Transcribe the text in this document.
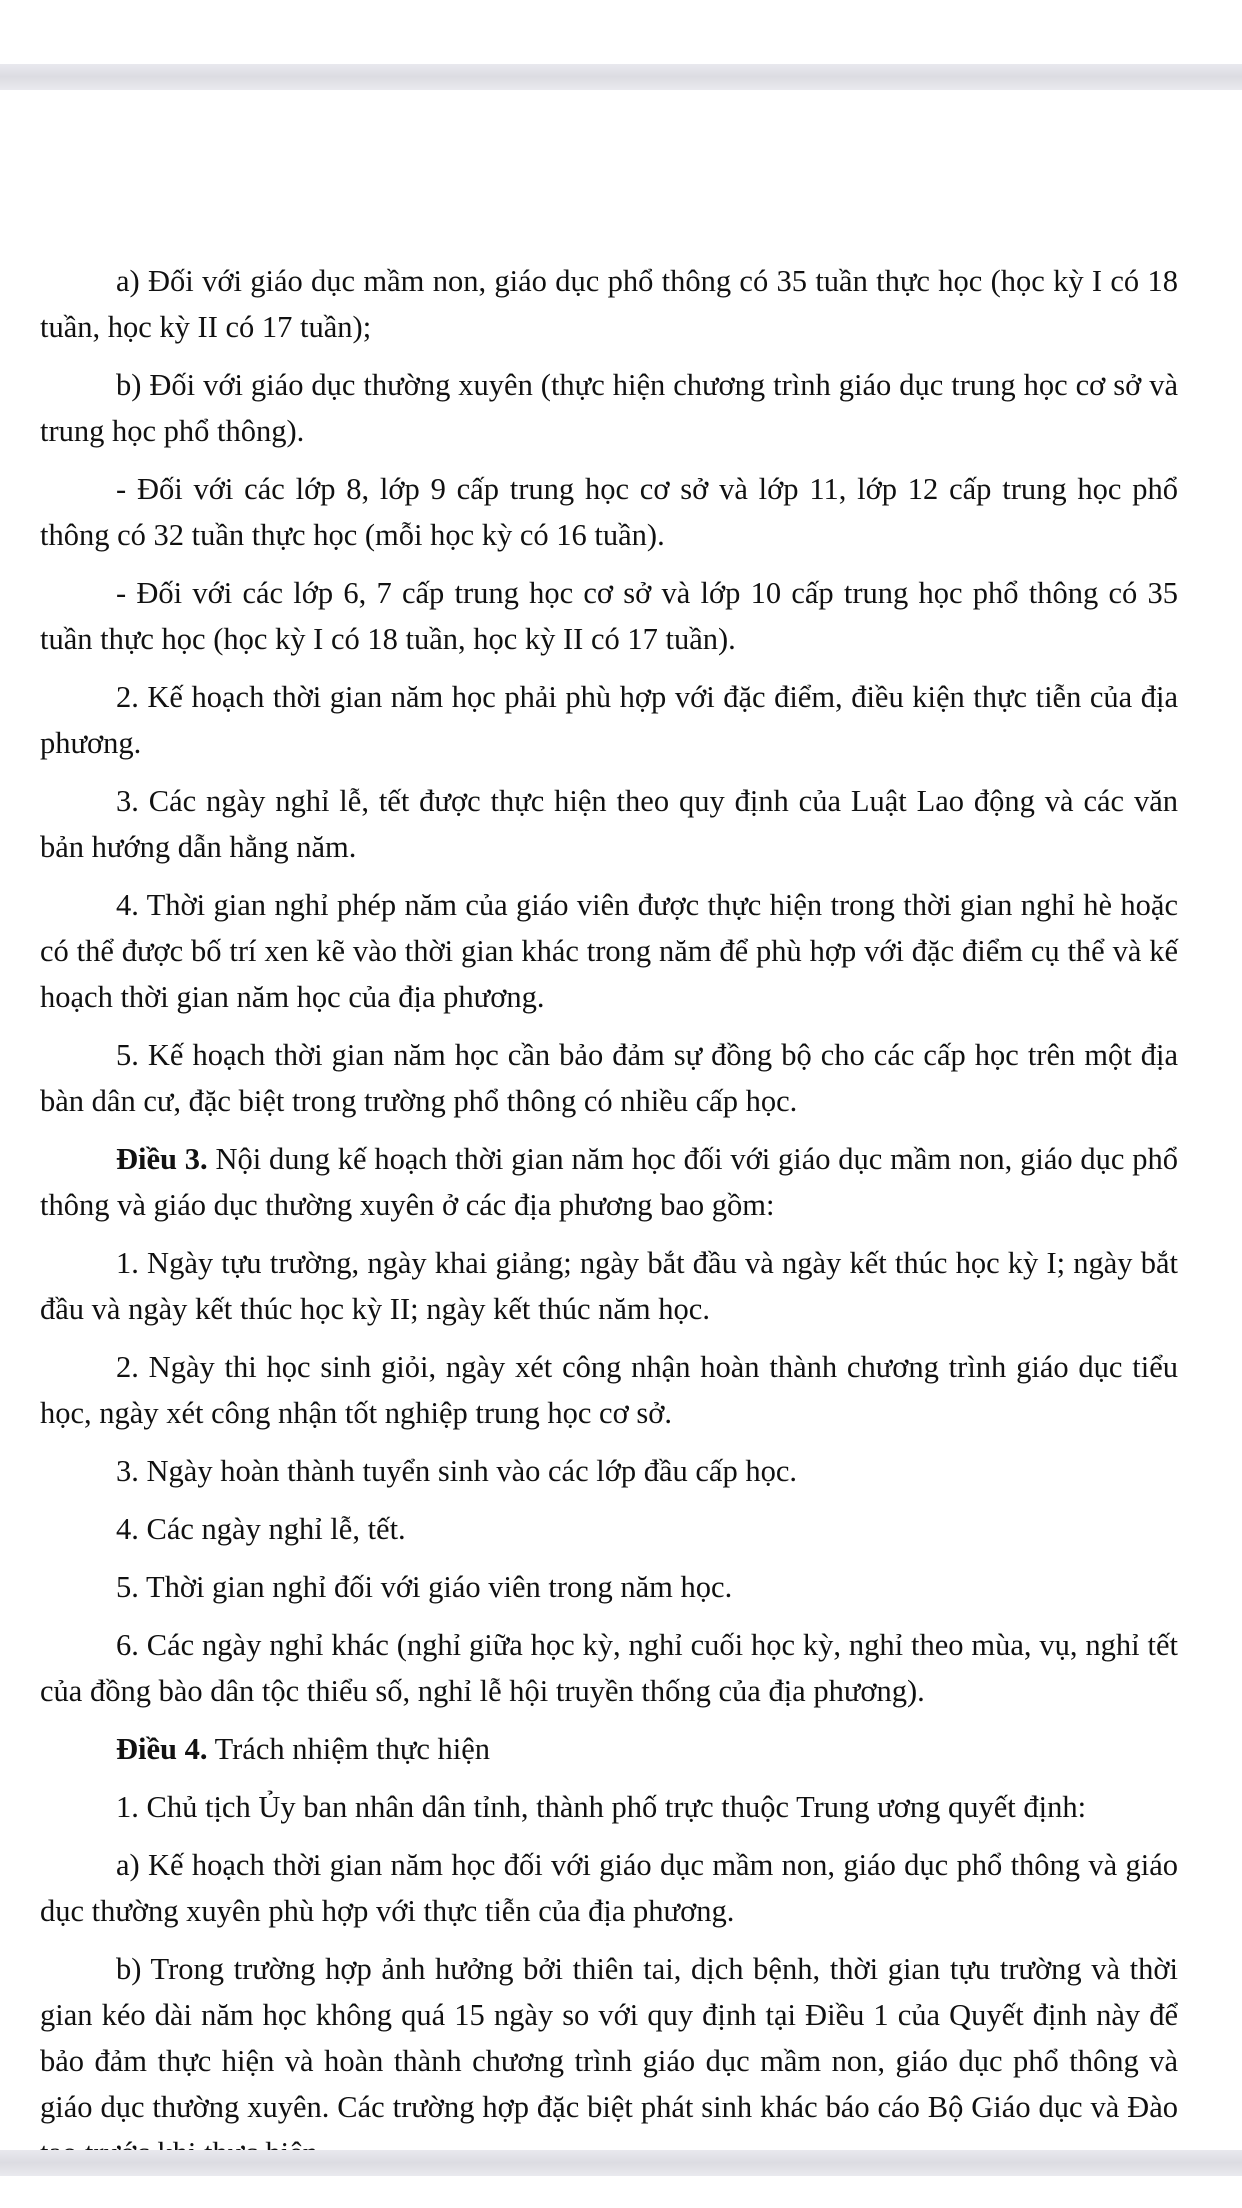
a) Đối với giáo dục mầm non, giáo dục phổ thông có 35 tuần thực học (học kỳ I có 18 tuần, học kỳ II có 17 tuần);

b) Đối với giáo dục thường xuyên (thực hiện chương trình giáo dục trung học cơ sở và trung học phổ thông).

- Đối với các lớp 8, lớp 9 cấp trung học cơ sở và lớp 11, lớp 12 cấp trung học phổ thông có 32 tuần thực học (mỗi học kỳ có 16 tuần).

- Đối với các lớp 6, 7 cấp trung học cơ sở và lớp 10 cấp trung học phổ thông có 35 tuần thực học (học kỳ I có 18 tuần, học kỳ II có 17 tuần).

2. Kế hoạch thời gian năm học phải phù hợp với đặc điểm, điều kiện thực tiễn của địa phương.

3. Các ngày nghỉ lễ, tết được thực hiện theo quy định của Luật Lao động và các văn bản hướng dẫn hằng năm.

4. Thời gian nghỉ phép năm của giáo viên được thực hiện trong thời gian nghỉ hè hoặc có thể được bố trí xen kẽ vào thời gian khác trong năm để phù hợp với đặc điểm cụ thể và kế hoạch thời gian năm học của địa phương.

5. Kế hoạch thời gian năm học cần bảo đảm sự đồng bộ cho các cấp học trên một địa bàn dân cư, đặc biệt trong trường phổ thông có nhiều cấp học.

Điều 3. Nội dung kế hoạch thời gian năm học đối với giáo dục mầm non, giáo dục phổ thông và giáo dục thường xuyên ở các địa phương bao gồm:

1. Ngày tựu trường, ngày khai giảng; ngày bắt đầu và ngày kết thúc học kỳ I; ngày bắt đầu và ngày kết thúc học kỳ II; ngày kết thúc năm học.

2. Ngày thi học sinh giỏi, ngày xét công nhận hoàn thành chương trình giáo dục tiểu học, ngày xét công nhận tốt nghiệp trung học cơ sở.

3. Ngày hoàn thành tuyển sinh vào các lớp đầu cấp học.

4. Các ngày nghỉ lễ, tết.

5. Thời gian nghỉ đối với giáo viên trong năm học.

6. Các ngày nghỉ khác (nghỉ giữa học kỳ, nghỉ cuối học kỳ, nghỉ theo mùa, vụ, nghỉ tết của đồng bào dân tộc thiểu số, nghỉ lễ hội truyền thống của địa phương).

Điều 4. Trách nhiệm thực hiện

1. Chủ tịch Ủy ban nhân dân tỉnh, thành phố trực thuộc Trung ương quyết định:

a) Kế hoạch thời gian năm học đối với giáo dục mầm non, giáo dục phổ thông và giáo dục thường xuyên phù hợp với thực tiễn của địa phương.

b) Trong trường hợp ảnh hưởng bởi thiên tai, dịch bệnh, thời gian tựu trường và thời gian kéo dài năm học không quá 15 ngày so với quy định tại Điều 1 của Quyết định này để bảo đảm thực hiện và hoàn thành chương trình giáo dục mầm non, giáo dục phổ thông và giáo dục thường xuyên. Các trường hợp đặc biệt phát sinh khác báo cáo Bộ Giáo dục và Đào
